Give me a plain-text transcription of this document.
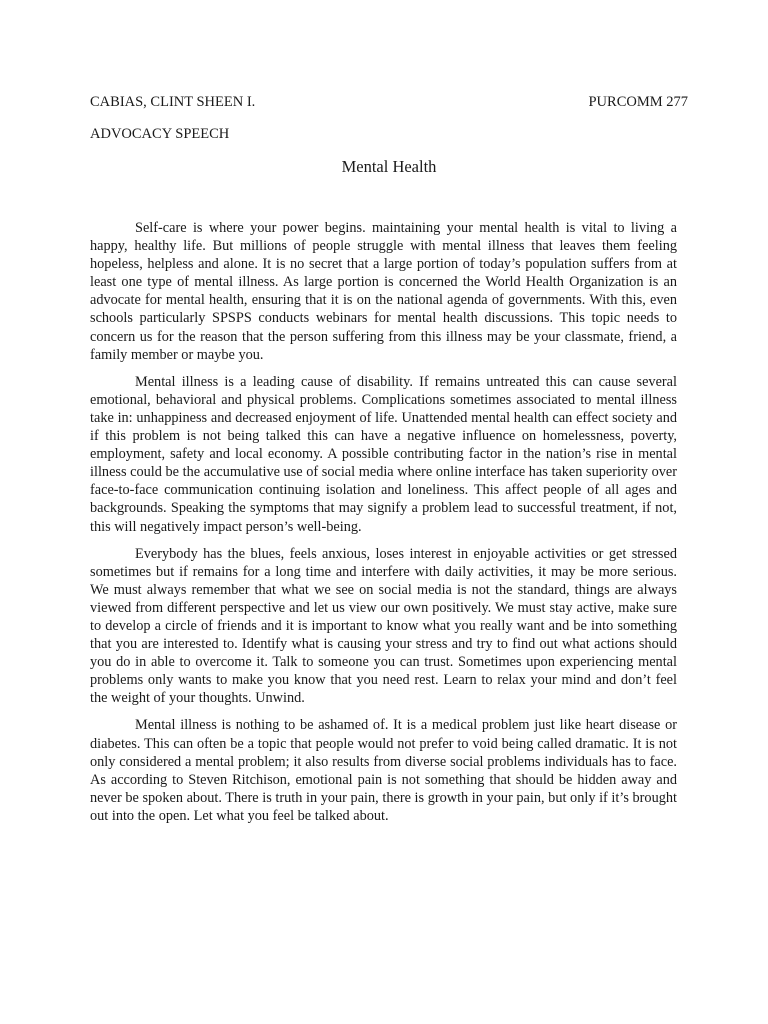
CABIAS, CLINT SHEEN I.	PURCOMM 277
ADVOCACY SPEECH
Mental Health

Self-care is where your power begins. maintaining your mental health is vital to living a happy, healthy life. But millions of people struggle with mental illness that leaves them feeling hopeless, helpless and alone. It is no secret that a large portion of today’s population suffers from at least one type of mental illness. As large portion is concerned the World Health Organization is an advocate for mental health, ensuring that it is on the national agenda of governments. With this, even schools particularly SPSPS conducts webinars for mental health discussions. This topic needs to concern us for the reason that the person suffering from this illness may be your classmate, friend, a family member or maybe you.

Mental illness is a leading cause of disability. If remains untreated this can cause several emotional, behavioral and physical problems. Complications sometimes associated to mental illness take in: unhappiness and decreased enjoyment of life. Unattended mental health can effect society and if this problem is not being talked this can have a negative influence on homelessness, poverty, employment, safety and local economy. A possible contributing factor in the nation’s rise in mental illness could be the accumulative use of social media where online interface has taken superiority over face-to-face communication continuing isolation and loneliness. This affect people of all ages and backgrounds. Speaking the symptoms that may signify a problem lead to successful treatment, if not, this will negatively impact person’s well-being.

Everybody has the blues, feels anxious, loses interest in enjoyable activities or get stressed sometimes but if remains for a long time and interfere with daily activities, it may be more serious. We must always remember that what we see on social media is not the standard, things are always viewed from different perspective and let us view our own positively. We must stay active, make sure to develop a circle of friends and it is important to know what you really want and be into something that you are interested to. Identify what is causing your stress and try to find out what actions should you do in able to overcome it. Talk to someone you can trust. Sometimes upon experiencing mental problems only wants to make you know that you need rest. Learn to relax your mind and don’t feel the weight of your thoughts. Unwind.

Mental illness is nothing to be ashamed of. It is a medical problem just like heart disease or diabetes. This can often be a topic that people would not prefer to void being called dramatic. It is not only considered a mental problem; it also results from diverse social problems individuals has to face. As according to Steven Ritchison, emotional pain is not something that should be hidden away and never be spoken about. There is truth in your pain, there is growth in your pain, but only if it’s brought out into the open. Let what you feel be talked about.
